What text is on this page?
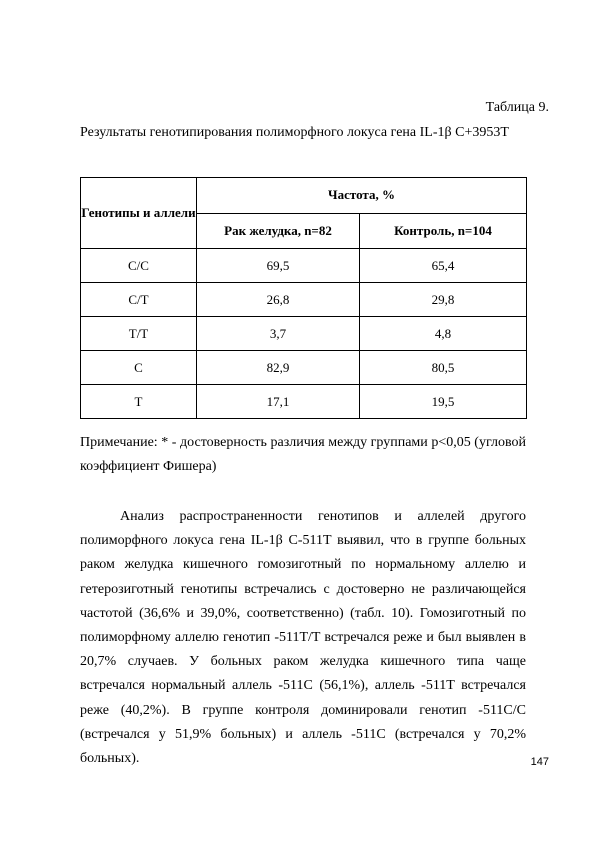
Таблица 9.
Результаты генотипирования полиморфного локуса гена IL-1β C+3953T
Генотипы и аллели	Частота, %	
	Рак желудка, n=82	Контроль, n=104
C/C	69,5	65,4
C/T	26,8	29,8
T/T	3,7	4,8
C	82,9	80,5
T	17,1	19,5
Примечание: * - достоверность различия между группами p<0,05 (угловой коэффициент Фишера)
Анализ распространенности генотипов и аллелей другого полиморфного локуса гена IL-1β C-511T выявил, что в группе больных раком желудка кишечного гомозиготный по нормальному аллелю и гетерозиготный генотипы встречались с достоверно не различающейся частотой (36,6% и 39,0%, соответственно) (табл. 10). Гомозиготный по полиморфному аллелю генотип -511T/T встречался реже и был выявлен в 20,7% случаев. У больных раком желудка кишечного типа чаще встречался нормальный аллель -511C (56,1%), аллель -511T встречался реже (40,2%). В группе контроля доминировали генотип -511C/C (встречался у 51,9% больных) и аллель -511C (встречался у 70,2% больных).	147
